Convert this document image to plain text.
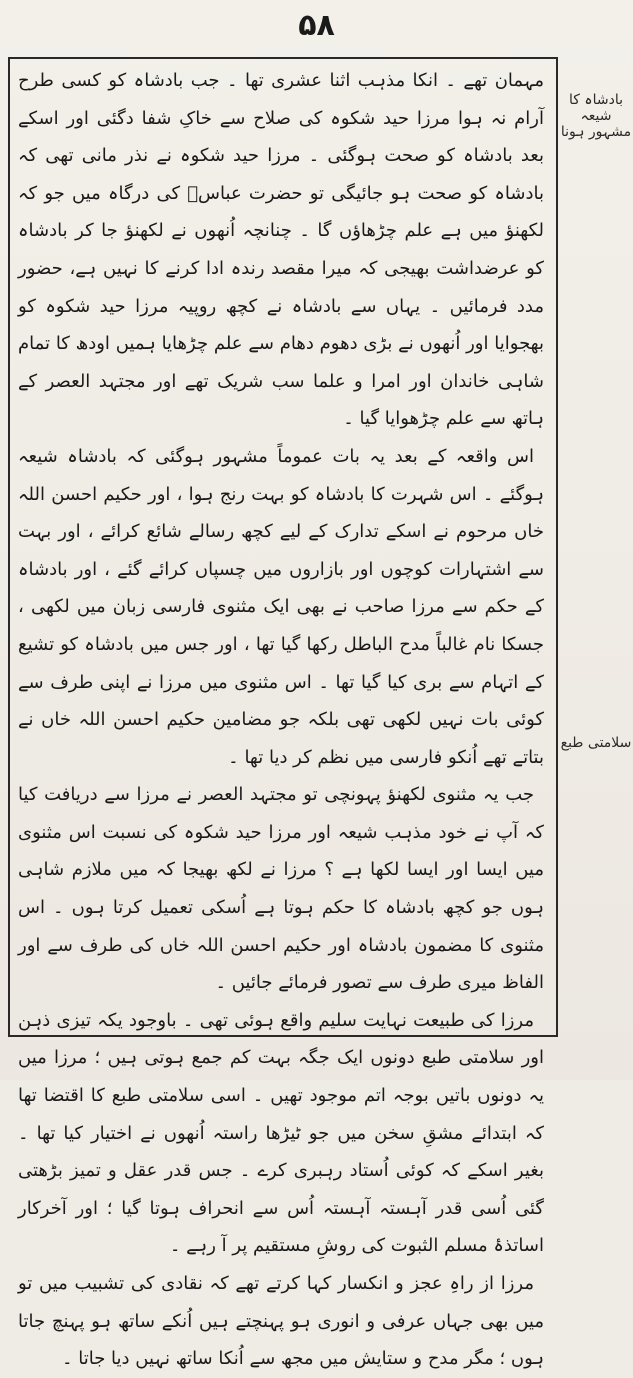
۵۸
بادشاہ کا شیعہ مشہور ہونا
سلامتی طبع

مہمان تھے ۔ انکا مذہب اثنا عشری تھا ۔ جب بادشاہ کو کسی طرح آرام نہ ہوا مرزا حید شکوہ کی صلاح سے خاکِ شفا دگئی اور اسکے بعد بادشاہ کو صحت ہوگئی ۔ مرزا حید شکوہ نے نذر مانی تھی کہ بادشاہ کو صحت ہو جائیگی تو حضرت عباسؑ کی درگاہ میں جو کہ لکھنؤ میں ہے علم چڑھاؤں گا ۔ چنانچہ اُنھوں نے لکھنؤ جا کر بادشاہ کو عرضداشت بھیجی کہ میرا مقصد رندہ ادا کرنے کا نہیں ہے، حضور مدد فرمائیں ۔ یہاں سے بادشاہ نے کچھ روپیہ مرزا حید شکوہ کو بھجوایا اور اُنھوں نے بڑی دھوم دھام سے علم چڑھایا ہمیں اودھ کا تمام شاہی خاندان اور امرا و علما سب شریک تھے اور مجتہد العصر کے ہاتھ سے علم چڑھوایا گیا ۔

اس واقعہ کے بعد یہ بات عموماً مشہور ہوگئی کہ بادشاہ شیعہ ہوگئے ۔ اس شہرت کا بادشاہ کو بہت رنج ہوا ، اور حکیم احسن اللہ خاں مرحوم نے اسکے تدارک کے لیے کچھ رسالے شائع کرائے ، اور بہت سے اشتہارات کوچوں اور بازاروں میں چسپاں کرائے گئے ، اور بادشاہ کے حکم سے مرزا صاحب نے بھی ایک مثنوی فارسی زبان میں لکھی ، جسکا نام غالباً مدح الباطل رکھا گیا تھا ، اور جس میں بادشاہ کو تشیع کے اتہام سے بری کیا گیا تھا ۔ اس مثنوی میں مرزا نے اپنی طرف سے کوئی بات نہیں لکھی تھی بلکہ جو مضامین حکیم احسن اللہ خاں نے بتاتے تھے اُنکو فارسی میں نظم کر دیا تھا ۔

جب یہ مثنوی لکھنؤ پہونچی تو مجتہد العصر نے مرزا سے دریافت کیا کہ آپ نے خود مذہب شیعہ اور مرزا حید شکوہ کی نسبت اس مثنوی میں ایسا اور ایسا لکھا ہے ؟ مرزا نے لکھ بھیجا کہ میں ملازم شاہی ہوں جو کچھ بادشاہ کا حکم ہوتا ہے اُسکی تعمیل کرتا ہوں ۔ اس مثنوی کا مضمون بادشاہ اور حکیم احسن اللہ خاں کی طرف سے اور الفاظ میری طرف سے تصور فرمائے جائیں ۔

مرزا کی طبیعت نہایت سلیم واقع ہوئی تھی ۔ باوجود یکہ تیزی ذہن اور سلامتی طبع دونوں ایک جگہ بہت کم جمع ہوتی ہیں ؛ مرزا میں یہ دونوں باتیں بوجہ اتم موجود تھیں ۔ اسی سلامتی طبع کا اقتضا تھا کہ ابتدائے مشقِ سخن میں جو ٹیڑھا راستہ اُنھوں نے اختیار کیا تھا ۔ بغیر اسکے کہ کوئی اُستاد رہبری کرے ۔ جس قدر عقل و تمیز بڑھتی گئی اُسی قدر آہستہ آہستہ اُس سے انحراف ہوتا گیا ؛ اور آخرکار اساتذۂ مسلم الثبوت کی روشِ مستقیم پر آ رہے ۔

مرزا از راہِ عجز و انکسار کہا کرتے تھے کہ نقادی کی تشبیب میں تو میں بھی جہاں عرفی و انوری ہو پہنچتے ہیں اُنکے ساتھ ہو پہنچ جاتا ہوں ؛ مگر مدح و ستایش میں مجھ سے اُنکا ساتھ نہیں دیا جاتا ۔
